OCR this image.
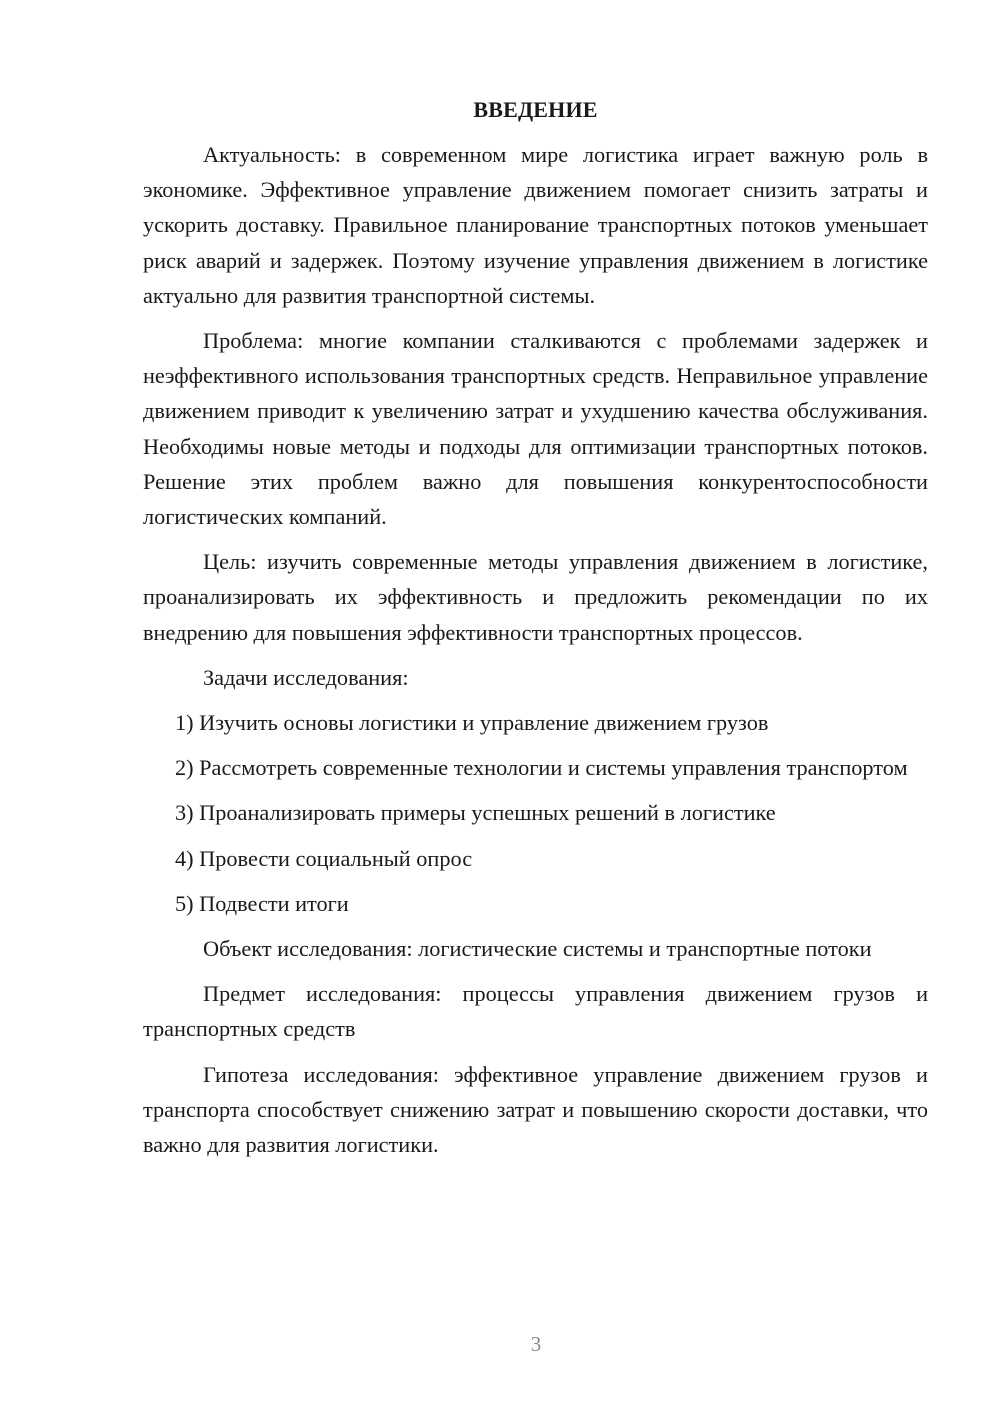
ВВЕДЕНИЕ

Актуальность: в современном мире логистика играет важную роль в экономике. Эффективное управление движением помогает снизить затраты и ускорить доставку. Правильное планирование транспортных потоков уменьшает риск аварий и задержек. Поэтому изучение управления движением в логистике актуально для развития транспортной системы.

Проблема: многие компании сталкиваются с проблемами задержек и неэффективного использования транспортных средств. Неправильное управление движением приводит к увеличению затрат и ухудшению качества обслуживания. Необходимы новые методы и подходы для оптимизации транспортных потоков. Решение этих проблем важно для повышения конкурентоспособности логистических компаний.

Цель: изучить современные методы управления движением в логистике, проанализировать их эффективность и предложить рекомендации по их внедрению для повышения эффективности транспортных процессов.

Задачи исследования:

1) Изучить основы логистики и управление движением грузов

2) Рассмотреть современные технологии и системы управления транспортом

3) Проанализировать примеры успешных решений в логистике

4) Провести социальный опрос

5) Подвести итоги

Объект исследования: логистические системы и транспортные потоки

Предмет исследования: процессы управления движением грузов и транспортных средств

Гипотеза исследования: эффективное управление движением грузов и транспорта способствует снижению затрат и повышению скорости доставки, что важно для развития логистики.

3
